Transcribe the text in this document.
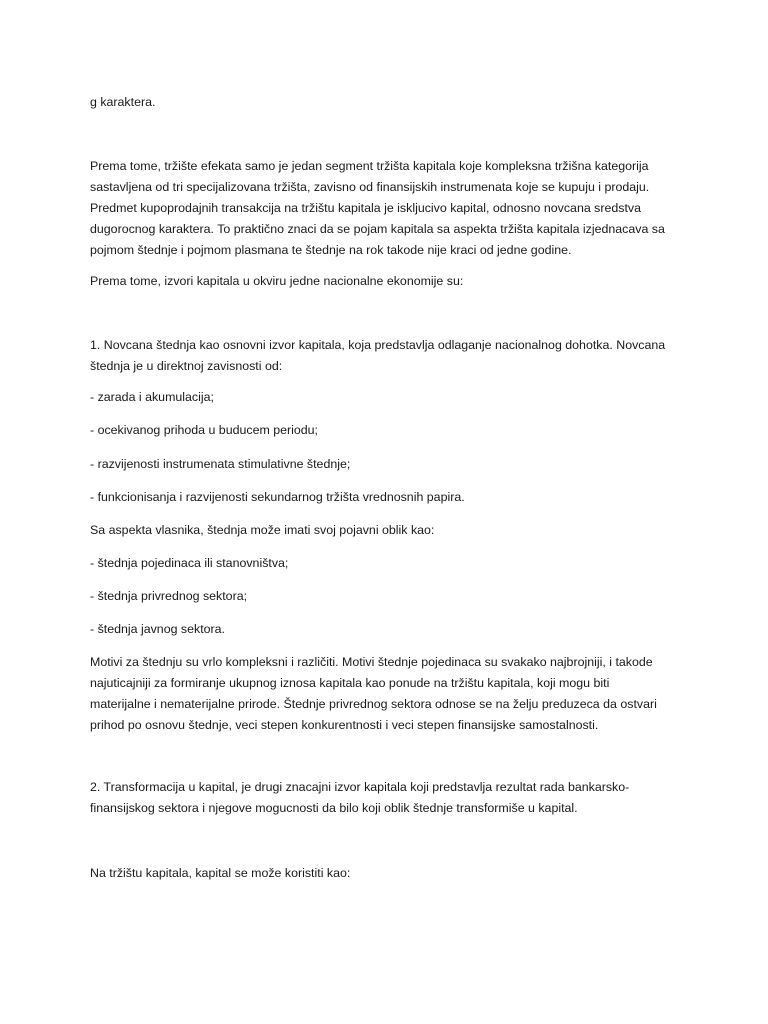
g karaktera.

Prema tome, tržište efekata samo je jedan segment tržišta kapitala koje kompleksna tržišna kategorija
sastavljena od tri specijalizovana tržišta, zavisno od finansijskih instrumenata koje se kupuju i prodaju.
Predmet kupoprodajnih transakcija na tržištu kapitala je iskljucivo kapital, odnosno novcana sredstva
dugorocnog karaktera. To praktično znaci da se pojam kapitala sa aspekta tržišta kapitala izjednacava sa
pojmom štednje i pojmom plasmana te štednje na rok takode nije kraci od jedne godine.

Prema tome, izvori kapitala u okviru jedne nacionalne ekonomije su:

1. Novcana štednja kao osnovni izvor kapitala, koja predstavlja odlaganje nacionalnog dohotka. Novcana
štednja je u direktnoj zavisnosti od:

- zarada i akumulacija;

- ocekivanog prihoda u buducem periodu;

- razvijenosti instrumenata stimulativne štednje;

- funkcionisanja i razvijenosti sekundarnog tržišta vrednosnih papira.

Sa aspekta vlasnika, štednja može imati svoj pojavni oblik kao:

- štednja pojedinaca ili stanovništva;

- štednja privrednog sektora;

- štednja javnog sektora.

Motivi za štednju su vrlo kompleksni i različiti. Motivi štednje pojedinaca su svakako najbrojniji, i takode
najuticajniji za formiranje ukupnog iznosa kapitala kao ponude na tržištu kapitala, koji mogu biti
materijalne i nematerijalne prirode. Štednje privrednog sektora odnose se na želju preduzeca da ostvari
prihod po osnovu štednje, veci stepen konkurentnosti i veci stepen finansijske samostalnosti.

2. Transformacija u kapital, je drugi znacajni izvor kapitala koji predstavlja rezultat rada bankarsko-
finansijskog sektora i njegove mogucnosti da bilo koji oblik štednje transformiše u kapital.

Na tržištu kapitala, kapital se može koristiti kao:
